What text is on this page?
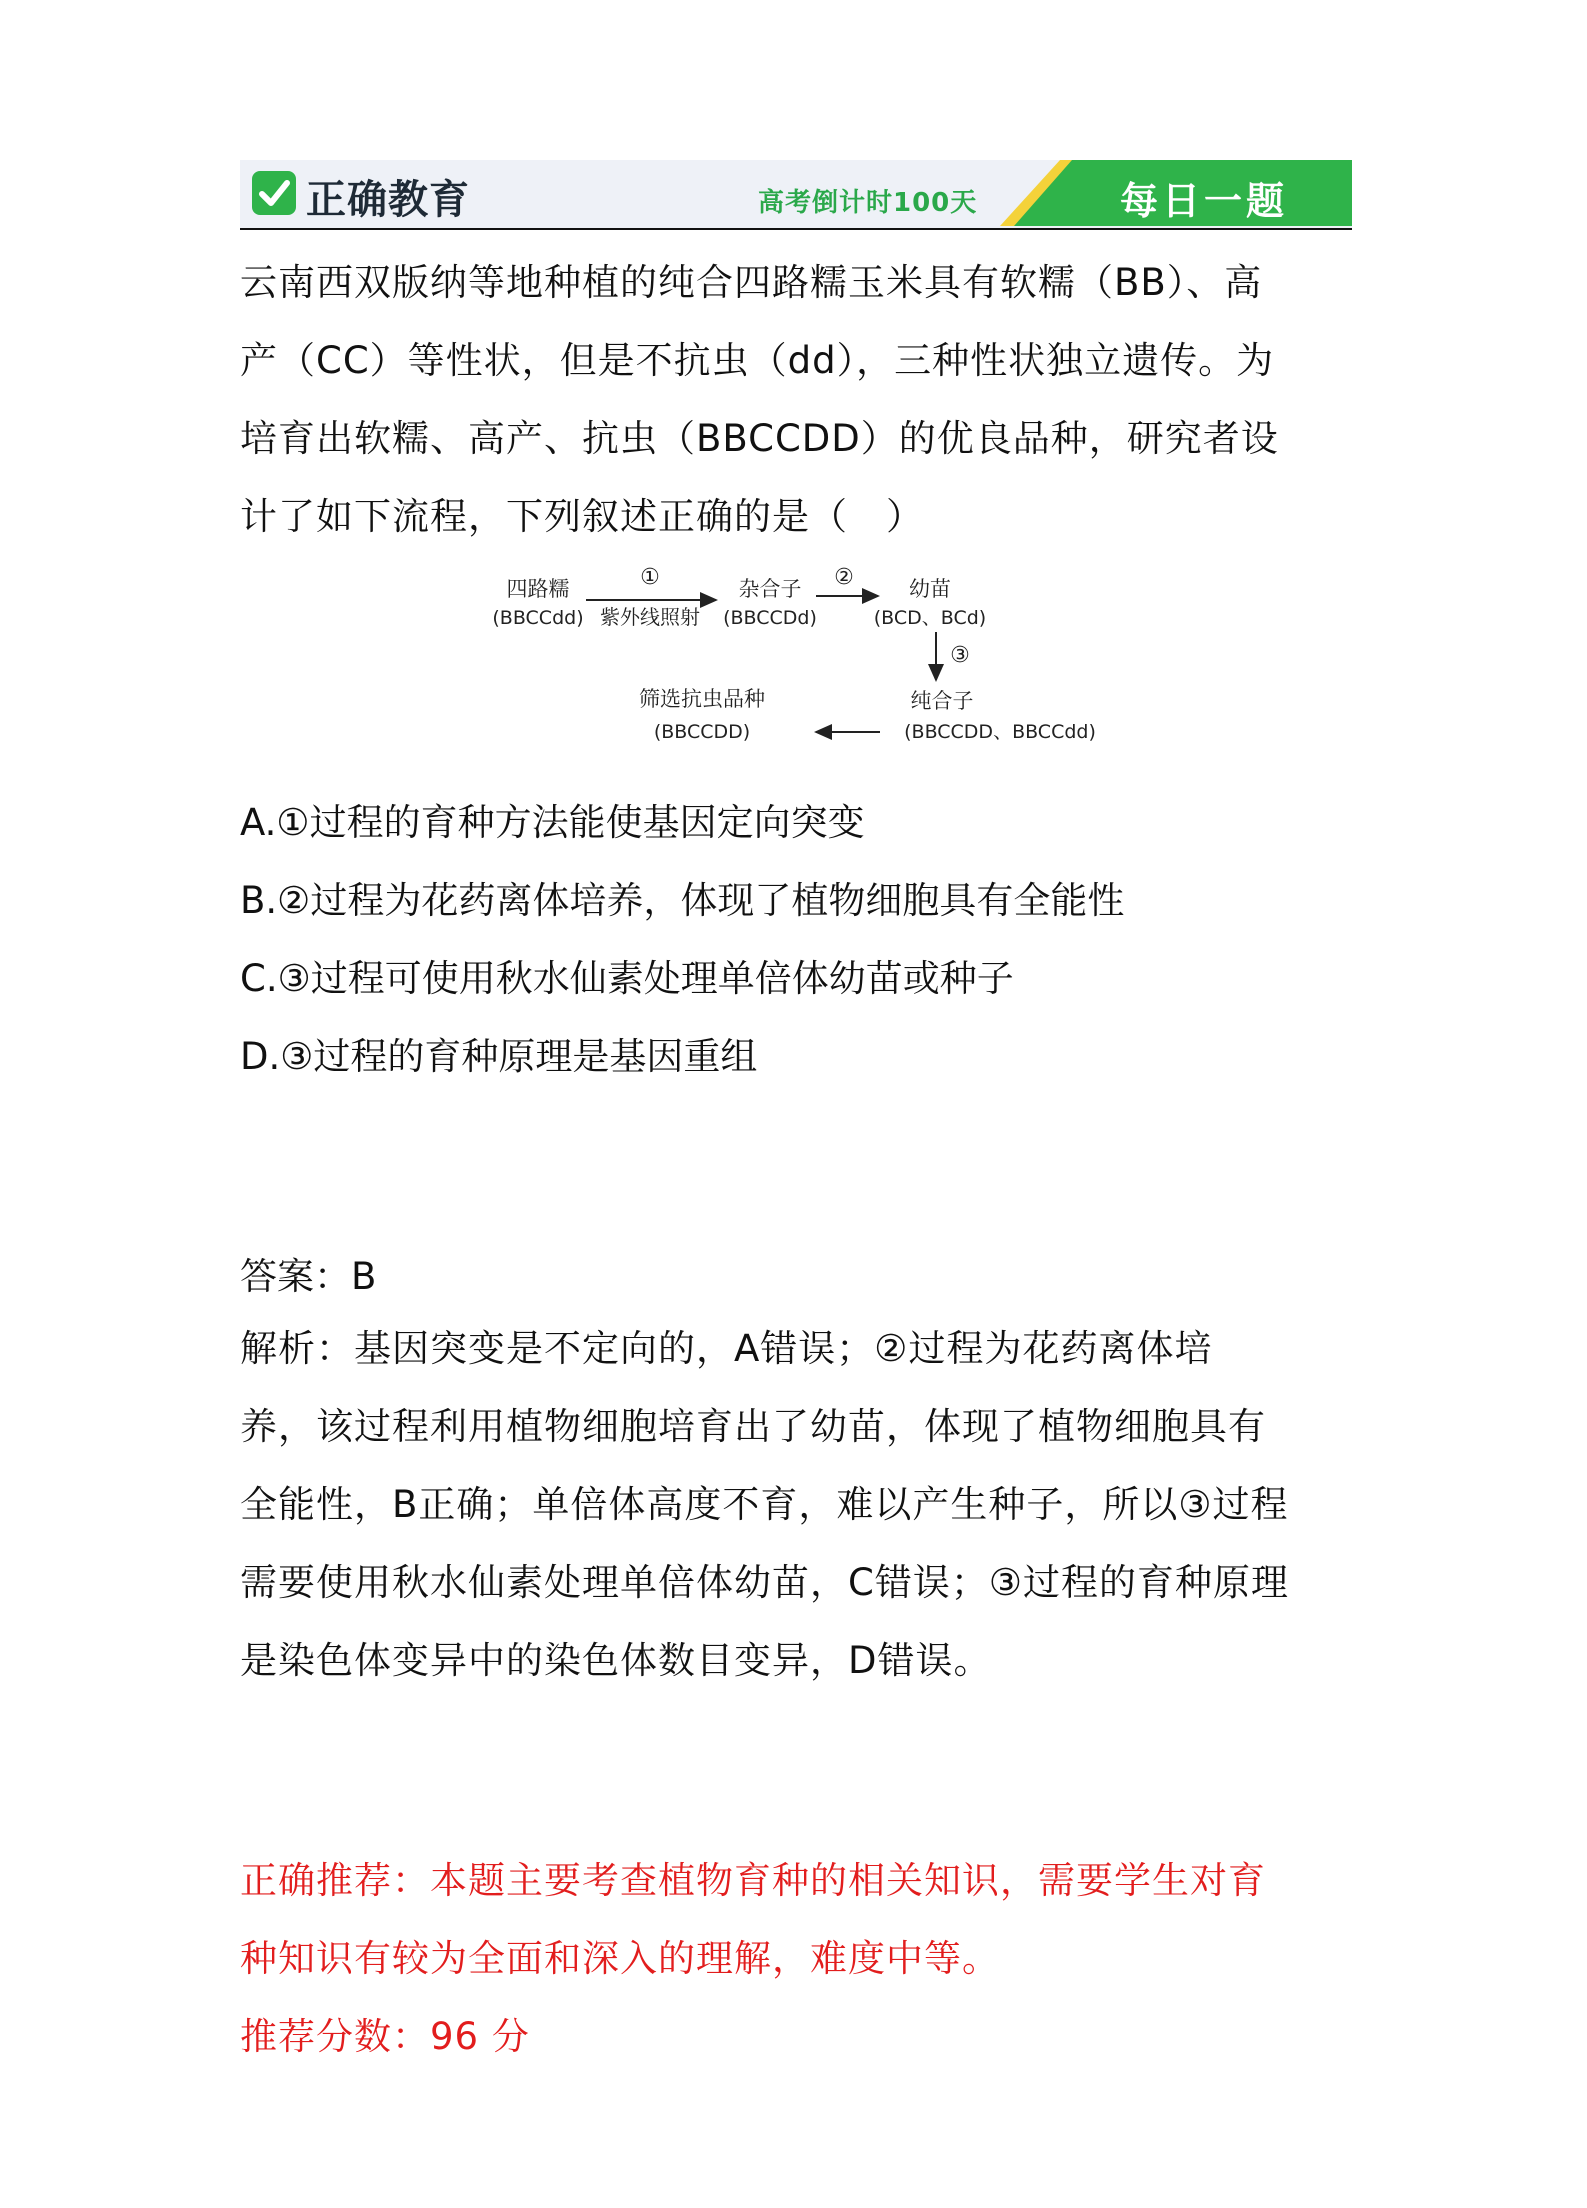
正确教育	高考倒计时100天	每日一题
云南西双版纳等地种植的纯合四路糯玉米具有软糯（BB）、高
产（CC）等性状，但是不抗虫（dd），三种性状独立遗传。为
培育出软糯、高产、抗虫（BBCCDD）的优良品种，研究者设
计了如下流程，下列叙述正确的是（　）
四路糯
(BBCCdd)
①
紫外线照射
杂合子
(BBCCDd)
②	幼苗
(BCD、BCd)
③
纯合子
(BBCCDD、BBCCdd)
筛选抗虫品种
(BBCCDD)
A.①过程的育种方法能使基因定向突变
B.②过程为花药离体培养，体现了植物细胞具有全能性
C.③过程可使用秋水仙素处理单倍体幼苗或种子
D.③过程的育种原理是基因重组
答案：B
解析：基因突变是不定向的，A错误；②过程为花药离体培
养，该过程利用植物细胞培育出了幼苗，体现了植物细胞具有
全能性，B正确；单倍体高度不育，难以产生种子，所以③过程
需要使用秋水仙素处理单倍体幼苗，C错误；③过程的育种原理
是染色体变异中的染色体数目变异，D错误。
正确推荐：本题主要考查植物育种的相关知识，需要学生对育
种知识有较为全面和深入的理解，难度中等。
推荐分数：96 分
